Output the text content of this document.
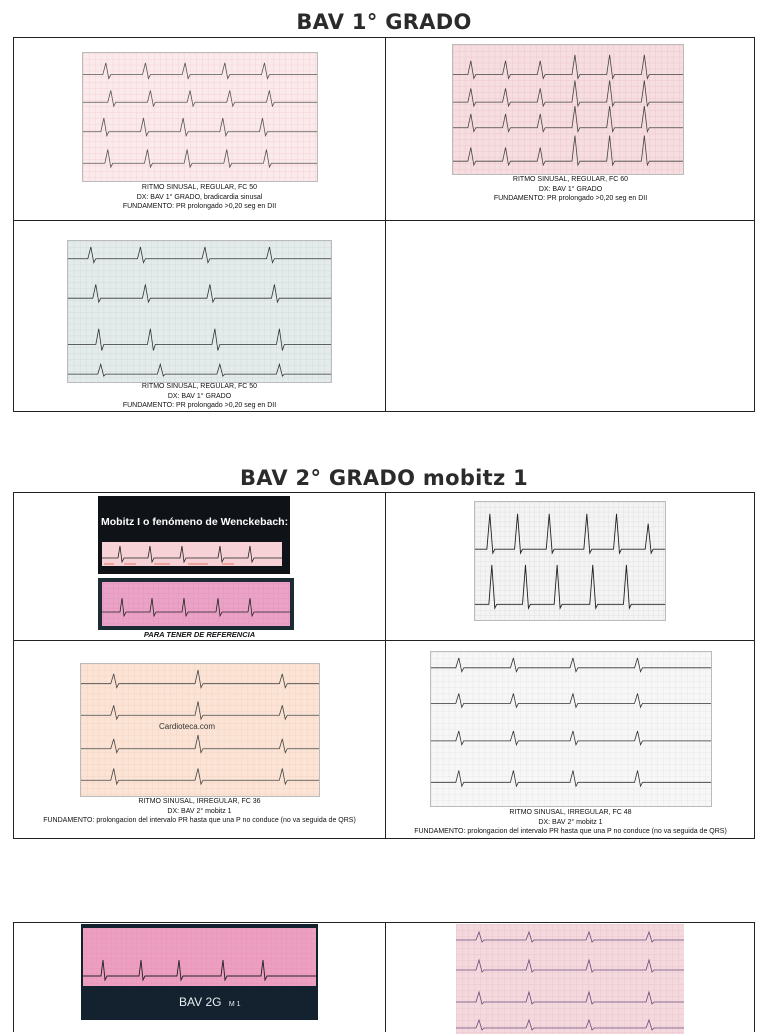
BAV 1° GRADO
RITMO SINUSAL, REGULAR, FC 50
DX: BAV 1° GRADO, bradicardia sinusal
FUNDAMENTO: PR prolongado >0,20 seg en DII
RITMO SINUSAL, REGULAR, FC 60
DX: BAV 1° GRADO
FUNDAMENTO: PR prolongado >0,20 seg en DII
RITMO SINUSAL, REGULAR, FC 50
DX: BAV 1° GRADO
FUNDAMENTO: PR prolongado >0,20 seg en DII
BAV 2° GRADO mobitz 1
Mobitz I o fenómeno de Wenckebach:
PARA TENER DE REFERENCIA
Cardioteca.com
RITMO SINUSAL, IRREGULAR, FC 36
DX: BAV 2° mobitz 1
FUNDAMENTO: prolongacion del intervalo PR hasta que una P no conduce (no va seguida de QRS)
RITMO SINUSAL, IRREGULAR, FC 48
DX: BAV 2° mobitz 1
FUNDAMENTO: prolongacion del intervalo PR hasta que una P no conduce (no va seguida de QRS)
BAV 2G M 1
